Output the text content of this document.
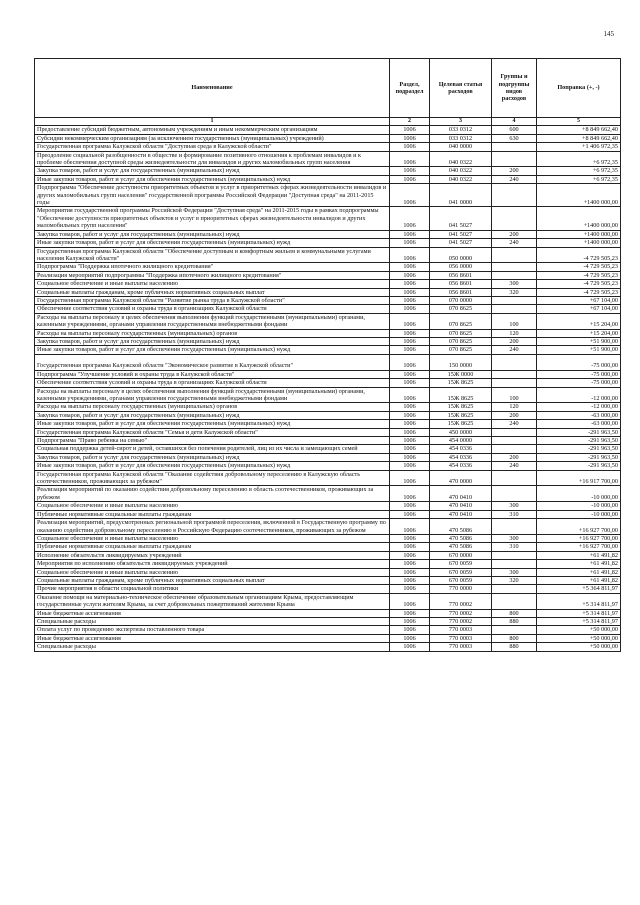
145
Наименование	Раздел, подраздел	Целевая статья расходов	Группы и подгруппы видов расходов	Поправка (+, -)
1	2	3	4	5
Предоставление субсидий бюджетным, автономным учреждениям и иным некоммерческим организациям	1006	033 0312	600	+8 849 662,40
Субсидии некоммерческим организациям (за исключением государственных (муниципальных) учреждений)	1006	033 0312	630	+8 849 662,40
Государственная программа Калужской области "Доступная среда в Калужской области"	1006	040 0000		+1 406 972,35
Преодоление социальной разобщенности в обществе и формирование позитивного отношения к проблемам инвалидов и к проблеме обеспечения доступной среды жизнедеятельности для инвалидов и других маломобильных групп населения	1006	040 0322		+6 972,35
Закупка товаров, работ и услуг для государственных (муниципальных) нужд	1006	040 0322	200	+6 972,35
Иные закупки товаров, работ и услуг для обеспечения государственных (муниципальных) нужд	1006	040 0322	240	+6 972,35
Подпрограмма "Обеспечение доступности приоритетных объектов и услуг в приоритетных сферах жизнедеятельности инвалидов и других маломобильных групп населения" государственной программы Российской Федерации "Доступная среда" на 2011-2015 годы	1006	041 0000		+1400 000,00
Мероприятия государственной программы Российской Федерации "Доступная среда" на 2011-2015 годы в рамках подпрограммы "Обеспечение доступности приоритетных объектов и услуг в приоритетных сферах жизнедеятельности инвалидов и других маломобильных групп населения"	1006	041 5027		+1400 000,00
Закупка товаров, работ и услуг для государственных (муниципальных) нужд	1006	041 5027	200	+1400 000,00
Иные закупки товаров, работ и услуг для обеспечения государственных (муниципальных) нужд	1006	041 5027	240	+1400 000,00
Государственная программа Калужской области "Обеспечение доступным и комфортным жильем и коммунальными услугами населения Калужской области"	1006	050 0000		-4 729 505,23
Подпрограмма "Поддержка ипотечного жилищного кредитования"	1006	056 0000		-4 729 505,23
Реализация мероприятий подпрограммы "Поддержка ипотечного жилищного кредитования"	1006	056 8601		-4 729 505,23
Социальное обеспечение и иные выплаты населению	1006	056 8601	300	-4 729 505,23
Социальные выплаты гражданам, кроме публичных нормативных социальных выплат	1006	056 8601	320	-4 729 505,23
Государственная программа Калужской области "Развитие рынка труда в Калужской области"	1006	070 0000		+67 104,00
Обеспечение соответствия условий и охраны труда в организациях Калужской области	1006	070 8625		+67 104,00
Расходы на выплаты персоналу в целях обеспечения выполнения функций государственными (муниципальными) органами, казенными учреждениями, органами управления государственными внебюджетными фондами	1006	070 8625	100	+15 204,00
Расходы на выплаты персоналу государственных (муниципальных) органов	1006	070 8625	120	+15 204,00
Закупка товаров, работ и услуг для государственных (муниципальных) нужд	1006	070 8625	200	+51 900,00
Иные закупки товаров, работ и услуг для обеспечения государственных (муниципальных) нужд	1006	070 8625	240	+51 900,00
Государственная программа Калужской области "Экономическое развитие в Калужской области"	1006	150 0000		-75 000,00
Подпрограмма "Улучшение условий и охраны труда в Калужской области"	1006	15Ж 0000		-75 000,00
Обеспечение соответствия условий и охраны труда в организациях Калужской области	1006	15Ж 8625		-75 000,00
Расходы на выплаты персоналу в целях обеспечения выполнения функций государственными (муниципальными) органами, казенными учреждениями, органами управления государственными внебюджетными фондами	1006	15Ж 8625	100	-12 000,00
Расходы на выплаты персоналу государственных (муниципальных) органов	1006	15Ж 8625	120	-12 000,00
Закупка товаров, работ и услуг для государственных (муниципальных) нужд	1006	15Ж 8625	200	-63 000,00
Иные закупки товаров, работ и услуг для обеспечения государственных (муниципальных) нужд	1006	15Ж 8625	240	-63 000,00
Государственная программа Калужской области "Семья и дети Калужской области"	1006	450 0000		-291 963,50
Подпрограмма "Право ребенка на семью"	1006	454 0000		-291 963,50
Социальная поддержка детей-сирот и детей, оставшихся без попечения родителей, лиц из их числа и замещающих семей	1006	454 0336		-291 963,50
Закупка товаров, работ и услуг для государственных (муниципальных) нужд	1006	454 0336	200	-291 963,50
Иные закупки товаров, работ и услуг для обеспечения государственных (муниципальных) нужд	1006	454 0336	240	-291 963,50
Государственная программа Калужской области "Оказание содействия добровольному переселению в Калужскую область соотечественников, проживающих за рубежом"	1006	470 0000		+16 917 700,00
Реализация мероприятий по оказанию содействия добровольному переселению в область соотечественников, проживающих за рубежом	1006	470 0410		-10 000,00
Социальное обеспечение и иные выплаты населению	1006	470 0410	300	-10 000,00
Публичные нормативные социальные выплаты гражданам	1006	470 0410	310	-10 000,00
Реализация мероприятий, предусмотренных региональной программой переселения, включенной в Государственную программу по оказанию содействия добровольному переселению в Российскую Федерацию соотечественников, проживающих за рубежом	1006	470 5086		+16 927 700,00
Социальное обеспечение и иные выплаты населению	1006	470 5086	300	+16 927 700,00
Публичные нормативные социальные выплаты гражданам	1006	470 5086	310	+16 927 700,00
Исполнение обязательств ликвидируемых учреждений	1006	670 0000		+61 491,82
Мероприятия по исполнению обязательств ликвидируемых учреждений	1006	670 0059		+61 491,82
Социальное обеспечение и иные выплаты населению	1006	670 0059	300	+61 491,82
Социальные выплаты гражданам, кроме публичных нормативных социальных выплат	1006	670 0059	320	+61 491,82
Прочие мероприятия в области социальной политики	1006	770 0000		+5 364 811,97
Оказание помощи на материально-техническое обеспечение образовательным организациям Крыма, предоставляющим государственные услуги жителям Крыма, за счет добровольных пожертвований жителями Крыма	1006	770 0002		+5 314 811,97
Иные бюджетные ассигнования	1006	770 0002	800	+5 314 811,97
Специальные расходы	1006	770 0002	880	+5 314 811,97
Оплата услуг по проведению экспертизы поставленного товара	1006	770 0003		+50 000,00
Иные бюджетные ассигнования	1006	770 0003	800	+50 000,00
Специальные расходы	1006	770 0003	880	+50 000,00
